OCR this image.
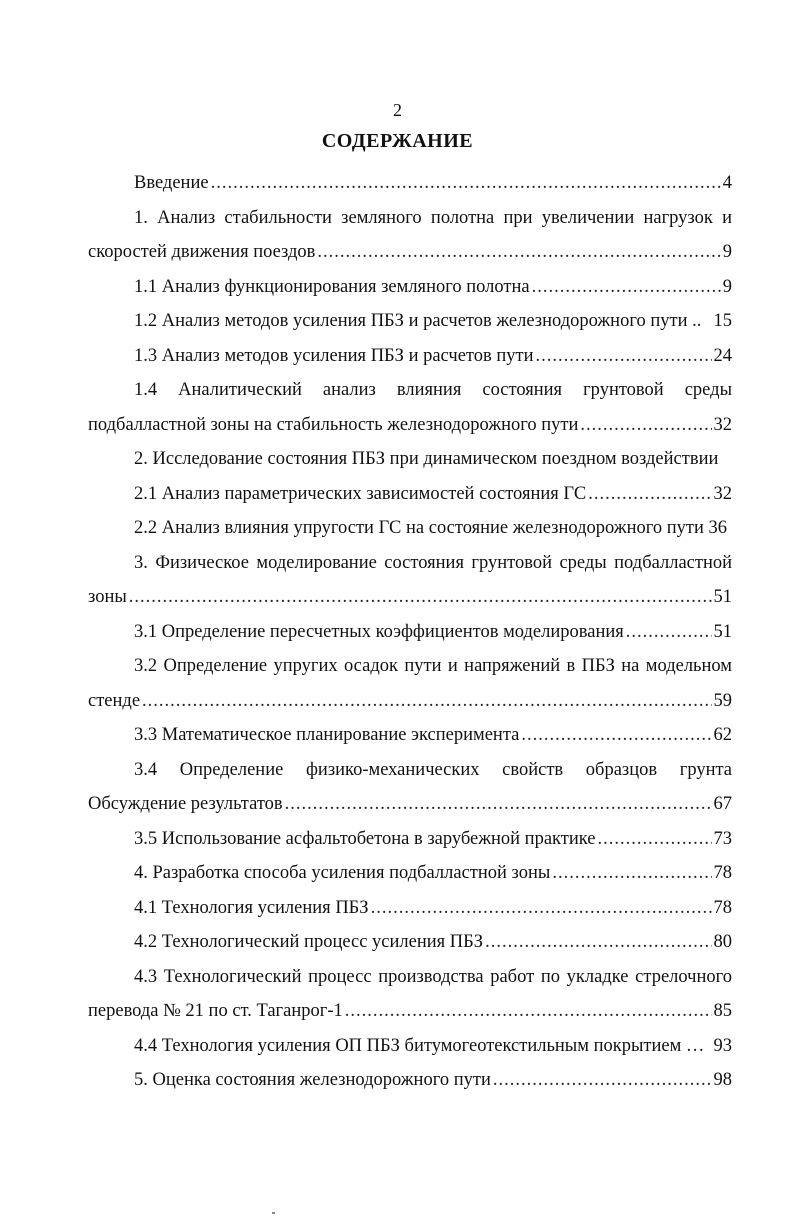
2
СОДЕРЖАНИЕ
Введение .....	4
1. Анализ стабильности земляного полотна при увеличении нагрузок и
скоростей движения поездов .....	9
1.1 Анализ функционирования земляного полотна .....	9
1.2 Анализ методов усиления ПБЗ и расчетов железнодорожного пути .. 15
1.3 Анализ методов усиления ПБЗ и расчетов пути .....	24
1.4 Аналитический анализ влияния состояния грунтовой среды
подбалластной зоны на стабильность железнодорожного пути .....	32
2. Исследование состояния ПБЗ при динамическом поездном воздействии
2.1 Анализ параметрических зависимостей состояния ГС .....	32
2.2 Анализ влияния упругости ГС на состояние железнодорожного пути 36
3. Физическое моделирование состояния грунтовой среды подбалластной
зоны .....	51
3.1 Определение пересчетных коэффициентов моделирования .....	51
3.2 Определение упругих осадок пути и напряжений в ПБЗ на модельном
стенде .....	59
3.3 Математическое планирование эксперимента .....	62
3.4 Определение физико-механических свойств образцов грунта
Обсуждение результатов .....	67
3.5 Использование асфальтобетона в зарубежной практике .....	73
4. Разработка способа усиления подбалластной зоны .....	78
4.1 Технология усиления ПБЗ .....	78
4.2 Технологический процесс усиления ПБЗ .....	80
4.3 Технологический процесс производства работ по укладке стрелочного
перевода № 21 по ст. Таганрог-1 .....	85
4.4 Технология усиления ОП ПБЗ битумогеотекстильным покрытием … 93
5. Оценка состояния железнодорожного пути .....	98
